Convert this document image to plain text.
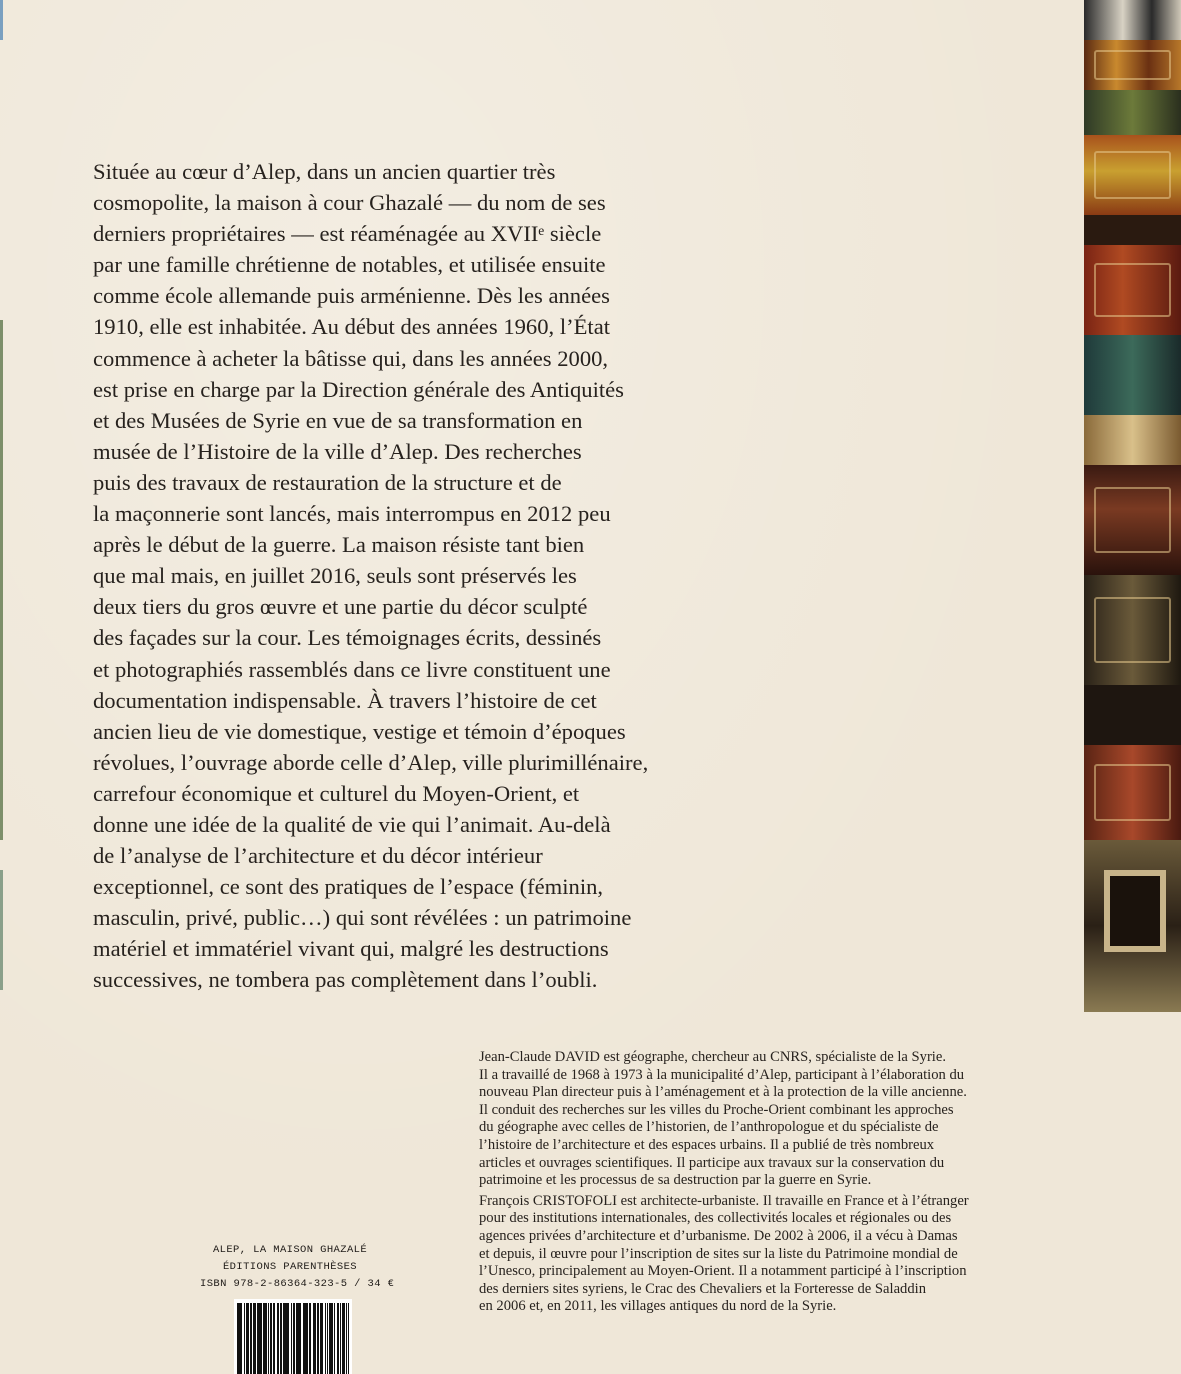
Située au cœur d’Alep, dans un ancien quartier très

cosmopolite, la maison à cour Ghazalé — du nom de ses

derniers propriétaires — est réaménagée au XVIIᵉ siècle

par une famille chrétienne de notables, et utilisée ensuite

comme école allemande puis arménienne. Dès les années

1910, elle est inhabitée. Au début des années 1960, l’État

commence à acheter la bâtisse qui, dans les années 2000,

est prise en charge par la Direction générale des Antiquités

et des Musées de Syrie en vue de sa transformation en

musée de l’Histoire de la ville d’Alep. Des recherches

puis des travaux de restauration de la structure et de

la maçonnerie sont lancés, mais interrompus en 2012 peu

après le début de la guerre. La maison résiste tant bien

que mal mais, en juillet 2016, seuls sont préservés les

deux tiers du gros œuvre et une partie du décor sculpté

des façades sur la cour. Les témoignages écrits, dessinés

et photographiés rassemblés dans ce livre constituent une

documentation indispensable. À travers l’histoire de cet

ancien lieu de vie domestique, vestige et témoin d’époques

révolues, l’ouvrage aborde celle d’Alep, ville plurimillénaire,

carrefour économique et culturel du Moyen-Orient, et

donne une idée de la qualité de vie qui l’animait. Au-delà

de l’analyse de l’architecture et du décor intérieur

exceptionnel, ce sont des pratiques de l’espace (féminin,

masculin, privé, public…) qui sont révélées : un patrimoine

matériel et immatériel vivant qui, malgré les destructions

successives, ne tombera pas complètement dans l’oubli.

Jean-Claude DAVID est géographe, chercheur au CNRS, spécialiste de la Syrie.

Il a travaillé de 1968 à 1973 à la municipalité d’Alep, participant à l’élaboration du

nouveau Plan directeur puis à l’aménagement et à la protection de la ville ancienne.

Il conduit des recherches sur les villes du Proche-Orient combinant les approches

du géographe avec celles de l’historien, de l’anthropologue et du spécialiste de

l’histoire de l’architecture et des espaces urbains. Il a publié de très nombreux

articles et ouvrages scientifiques. Il participe aux travaux sur la conservation du

patrimoine et les processus de sa destruction par la guerre en Syrie.

François CRISTOFOLI est architecte-urbaniste. Il travaille en France et à l’étranger

pour des institutions internationales, des collectivités locales et régionales ou des

agences privées d’architecture et d’urbanisme. De 2002 à 2006, il a vécu à Damas

et depuis, il œuvre pour l’inscription de sites sur la liste du Patrimoine mondial de

l’Unesco, principalement au Moyen-Orient. Il a notamment participé à l’inscription

des derniers sites syriens, le Crac des Chevaliers et la Forteresse de Saladdin

en 2006 et, en 2011, les villages antiques du nord de la Syrie.

ALEP, LA MAISON GHAZALÉ
ÉDITIONS PARENTHÈSES
ISBN 978-2-86364-323-5 / 34 €
